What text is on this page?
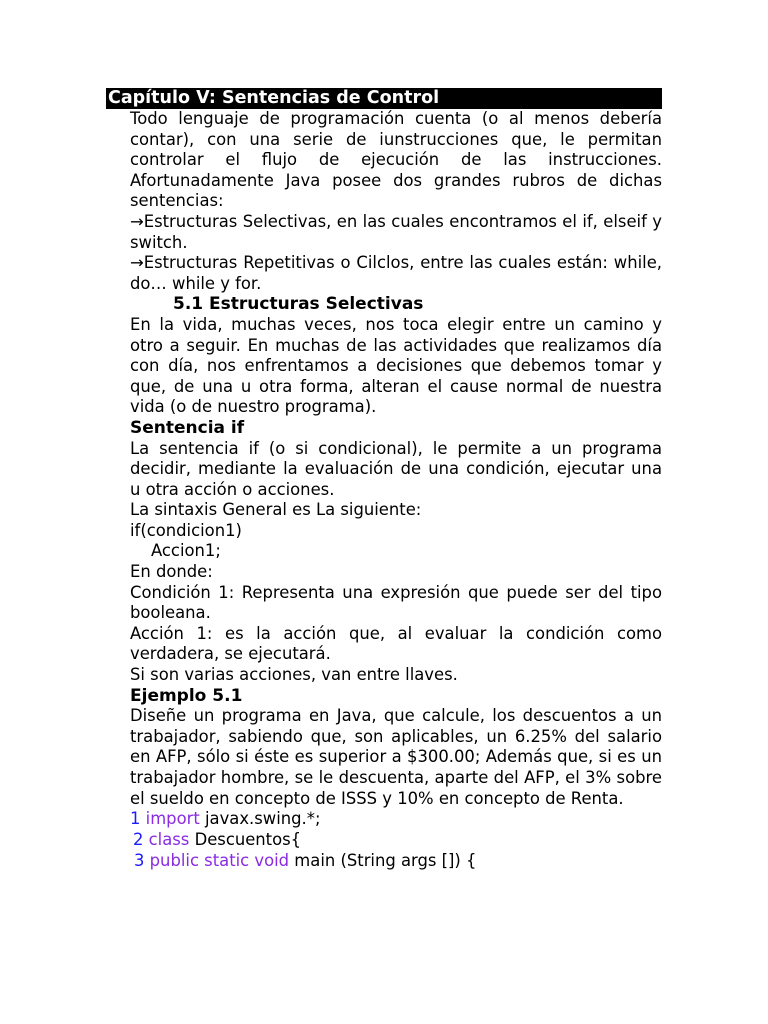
Capítulo V: Sentencias de Control

Todo lenguaje de programación cuenta (o al menos debería contar), con una serie de iunstrucciones que, le permitan controlar el flujo de ejecución de las instrucciones. Afortunadamente Java posee dos grandes rubros de dichas sentencias:

→Estructuras Selectivas, en las cuales encontramos el if, elseif y switch.

→Estructuras Repetitivas o Cilclos, entre las cuales están: while, do… while y for.

5.1 Estructuras Selectivas

En la vida, muchas veces, nos toca elegir entre un camino y otro a seguir. En muchas de las actividades que realizamos día con día, nos enfrentamos a decisiones que debemos tomar y que, de una u otra forma, alteran el cause normal de nuestra vida (o de nuestro programa).

Sentencia if

La sentencia if (o si condicional), le permite a un programa decidir, mediante la evaluación de una condición, ejecutar una u otra acción o acciones.

La sintaxis General es La siguiente:

if(condicion1)

Accion1;

En donde:

Condición 1: Representa una expresión que puede ser del tipo booleana.

Acción 1: es la acción que, al evaluar la condición como verdadera, se ejecutará.

Si son varias acciones, van entre llaves.

Ejemplo 5.1

Diseñe un programa en Java, que calcule, los descuentos a un trabajador, sabiendo que, son aplicables, un 6.25% del salario en AFP, sólo si éste es superior a $300.00; Además que, si es un trabajador hombre, se le descuenta, aparte del AFP, el 3% sobre el sueldo en concepto de ISSS y 10% en concepto de Renta.

1 import javax.swing.*;

2 class Descuentos{

3 public static void main (String args []) {
